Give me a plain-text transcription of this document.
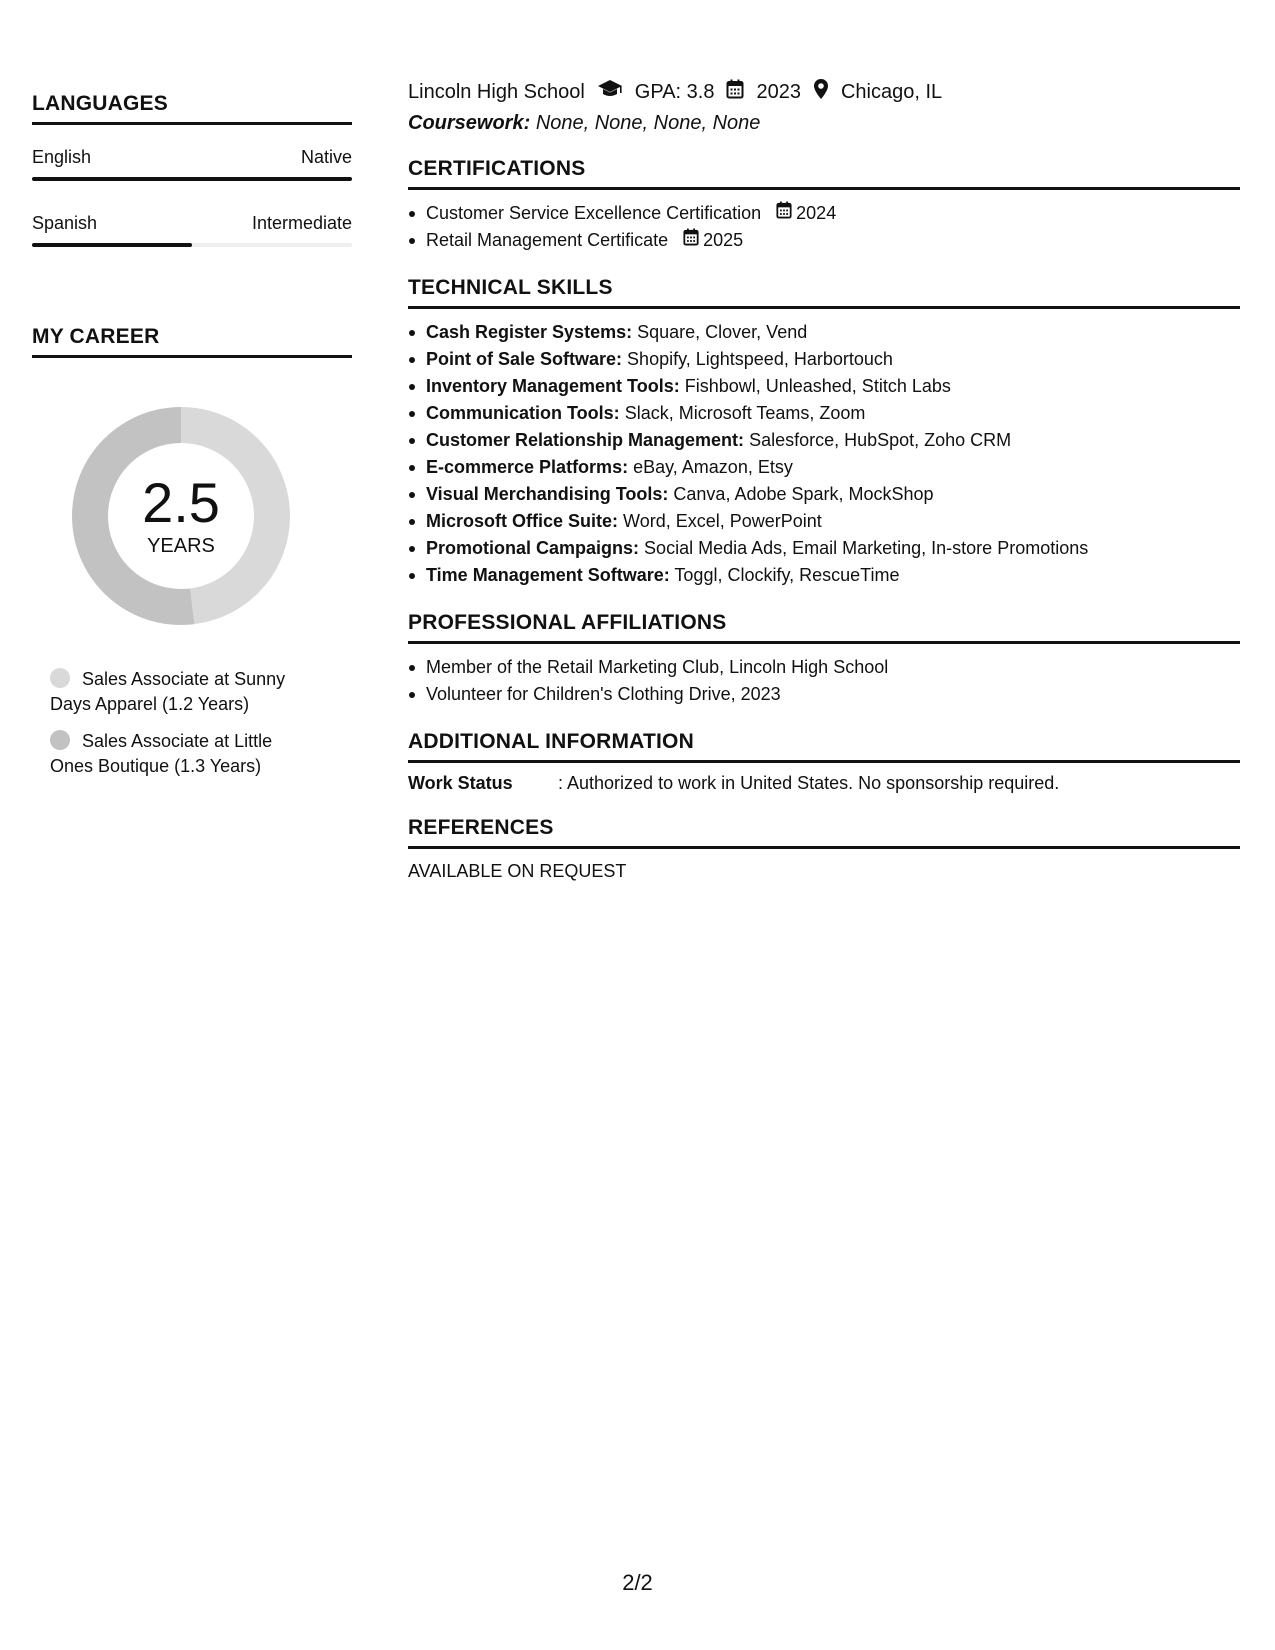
LANGUAGES
English	Native
Spanish	Intermediate
MY CAREER
2.5
YEARS
Sales Associate at Sunny Days Apparel (1.2 Years)
Sales Associate at Little Ones Boutique (1.3 Years)
Lincoln High School	GPA: 3.8 2023 Chicago, IL
Coursework: None, None, None, None
CERTIFICATIONS
Customer Service Excellence Certification 2024
Retail Management Certificate 2025
TECHNICAL SKILLS
Cash Register Systems: Square, Clover, Vend
Point of Sale Software: Shopify, Lightspeed, Harbortouch
Inventory Management Tools: Fishbowl, Unleashed, Stitch Labs
Communication Tools: Slack, Microsoft Teams, Zoom
Customer Relationship Management: Salesforce, HubSpot, Zoho CRM
E-commerce Platforms: eBay, Amazon, Etsy
Visual Merchandising Tools: Canva, Adobe Spark, MockShop
Microsoft Office Suite: Word, Excel, PowerPoint
Promotional Campaigns: Social Media Ads, Email Marketing, In-store Promotions
Time Management Software: Toggl, Clockify, RescueTime
PROFESSIONAL AFFILIATIONS
Member of the Retail Marketing Club, Lincoln High School
Volunteer for Children's Clothing Drive, 2023
ADDITIONAL INFORMATION
Work Status	: Authorized to work in United States. No sponsorship required.
REFERENCES
AVAILABLE ON REQUEST
2/2
